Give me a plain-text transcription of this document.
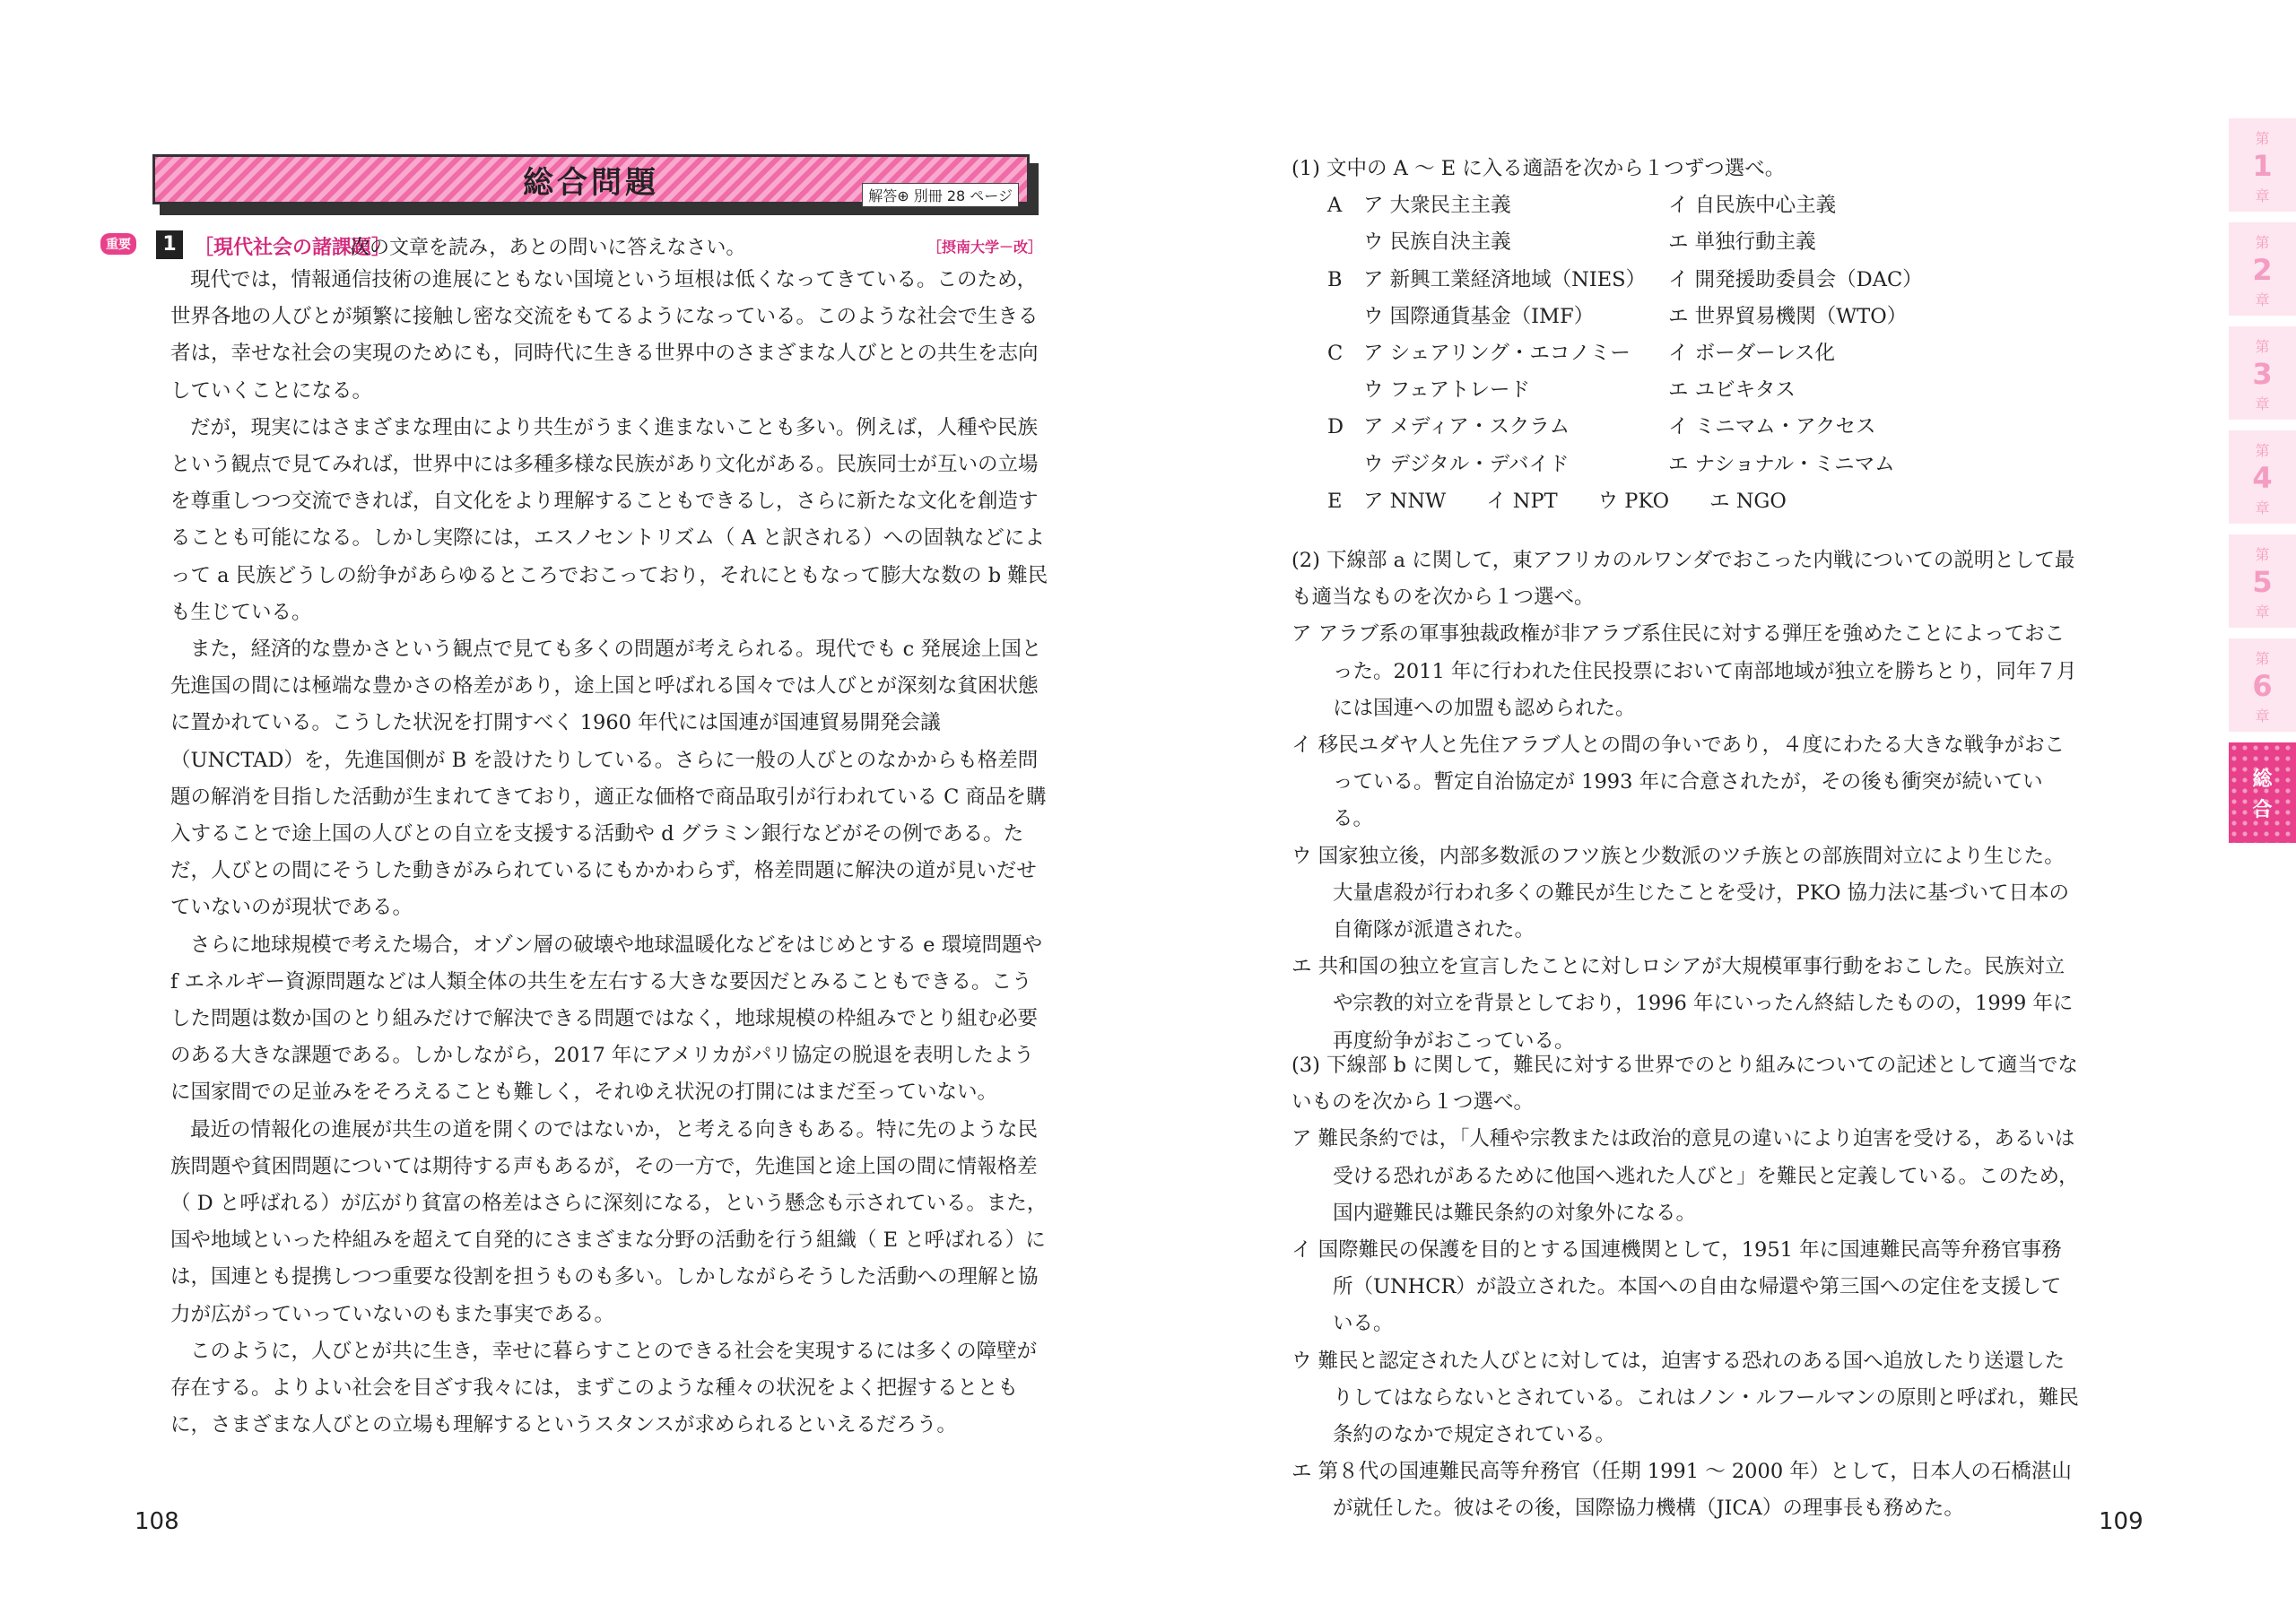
総合問題	解答⊕ 別冊 28 ページ
重要	1 ［現代社会の諸課題］
次の文章を読み，あとの問いに答えなさい。	［摂南大学－改］

現代では，情報通信技術の進展にともない国境という垣根は低くなってきている。このため，世界各地の人びとが頻繁に接触し密な交流をもてるようになっている。このような社会で生きる者は，幸せな社会の実現のためにも，同時代に生きる世界中のさまざまな人びととの共生を志向していくことになる。

だが，現実にはさまざまな理由により共生がうまく進まないことも多い。例えば，人種や民族という観点で見てみれば，世界中には多種多様な民族があり文化がある。民族同士が互いの立場を尊重しつつ交流できれば，自文化をより理解することもできるし，さらに新たな文化を創造することも可能になる。しかし実際には，エスノセントリズム（ A と訳される）への固執などによって a 民族どうしの紛争があらゆるところでおこっており，それにともなって膨大な数の b 難民も生じている。

また，経済的な豊かさという観点で見ても多くの問題が考えられる。現代でも c 発展途上国と先進国の間には極端な豊かさの格差があり，途上国と呼ばれる国々では人びとが深刻な貧困状態に置かれている。こうした状況を打開すべく 1960 年代には国連が国連貿易開発会議（UNCTAD）を，先進国側が B を設けたりしている。さらに一般の人びとのなかからも格差問題の解消を目指した活動が生まれてきており，適正な価格で商品取引が行われている C 商品を購入することで途上国の人びとの自立を支援する活動や d グラミン銀行などがその例である。ただ，人びとの間にそうした動きがみられているにもかかわらず，格差問題に解決の道が見いだせていないのが現状である。

さらに地球規模で考えた場合，オゾン層の破壊や地球温暖化などをはじめとする e 環境問題や f エネルギー資源問題などは人類全体の共生を左右する大きな要因だとみることもできる。こうした問題は数か国のとり組みだけで解決できる問題ではなく，地球規模の枠組みでとり組む必要のある大きな課題である。しかしながら，2017 年にアメリカがパリ協定の脱退を表明したように国家間での足並みをそろえることも難しく，それゆえ状況の打開にはまだ至っていない。

最近の情報化の進展が共生の道を開くのではないか，と考える向きもある。特に先のような民族問題や貧困問題については期待する声もあるが，その一方で，先進国と途上国の間に情報格差（ D と呼ばれる）が広がり貧富の格差はさらに深刻になる，という懸念も示されている。また，国や地域といった枠組みを超えて自発的にさまざまな分野の活動を行う組織（ E と呼ばれる）には，国連とも提携しつつ重要な役割を担うものも多い。しかしながらそうした活動への理解と協力が広がっていっていないのもまた事実である。

このように，人びとが共に生き，幸せに暮らすことのできる社会を実現するには多くの障壁が存在する。よりよい社会を目ざす我々には，まずこのような種々の状況をよく把握するとともに，さまざまな人びとの立場も理解するというスタンスが求められるといえるだろう。

108

(1) 文中の A ～ E に入る適語を次から１つずつ選べ。

A	ア 大衆民主主義	イ 自民族中心主義
ウ 民族自決主義	エ 単独行動主義
B	ア 新興工業経済地域（NIES）	イ 開発援助委員会（DAC）
ウ 国際通貨基金（IMF）	エ 世界貿易機関（WTO）
C	ア シェアリング・エコノミー	イ ボーダーレス化
ウ フェアトレード	エ ユビキタス
D ア メディア・スクラム	イ ミニマム・アクセス
ウ デジタル・デバイド	エ ナショナル・ミニマム
E	ア NNW　　イ NPT　　ウ PKO　　エ NGO

(2) 下線部 a に関して，東アフリカのルワンダでおこった内戦についての説明として最も適当なものを次から１つ選べ。

ア アラブ系の軍事独裁政権が非アラブ系住民に対する弾圧を強めたことによっておこった。2011 年に行われた住民投票において南部地域が独立を勝ちとり，同年７月には国連への加盟も認められた。

イ 移民ユダヤ人と先住アラブ人との間の争いであり，４度にわたる大きな戦争がおこっている。暫定自治協定が 1993 年に合意されたが，その後も衝突が続いている。

ウ 国家独立後，内部多数派のフツ族と少数派のツチ族との部族間対立により生じた。大量虐殺が行われ多くの難民が生じたことを受け，PKO 協力法に基づいて日本の自衛隊が派遣された。

エ 共和国の独立を宣言したことに対しロシアが大規模軍事行動をおこした。民族対立や宗教的対立を背景としており，1996 年にいったん終結したものの，1999 年に再度紛争がおこっている。

(3) 下線部 b に関して，難民に対する世界でのとり組みについての記述として適当でないものを次から１つ選べ。

ア 難民条約では，「人種や宗教または政治的意見の違いにより迫害を受ける，あるいは受ける恐れがあるために他国へ逃れた人びと」を難民と定義している。このため，国内避難民は難民条約の対象外になる。

イ 国際難民の保護を目的とする国連機関として，1951 年に国連難民高等弁務官事務所（UNHCR）が設立された。本国への自由な帰還や第三国への定住を支援している。

ウ 難民と認定された人びとに対しては，迫害する恐れのある国へ追放したり送還したりしてはならないとされている。これはノン・ルフールマンの原則と呼ばれ，難民条約のなかで規定されている。

エ 第８代の国連難民高等弁務官（任期 1991 ～ 2000 年）として，日本人の石橋湛山が就任した。彼はその後，国際協力機構（JICA）の理事長も務めた。	109
第
1
章
第
2
章
第
3
章
第
4
章
第
5
章
第
6
章
総
合
